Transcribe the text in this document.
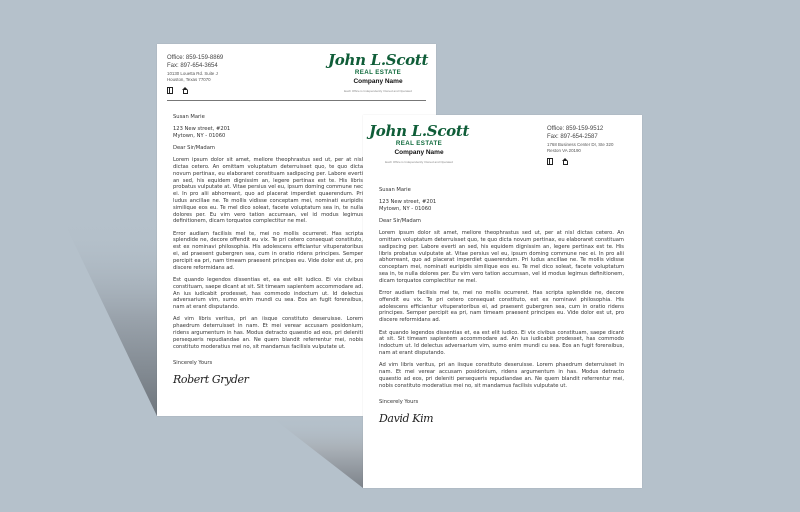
Office: 859-159-8869
Fax: 897-654-3654
10130 Louetta Rd. Suite J
Houston, Texas 77070
John L.Scott
REAL ESTATE
Company Name
Each Office is Independently Owned and Operated

Susan Marie

123 New street, #201

Mytown, NY - 01060

Dear Sir/Madam

Lorem ipsum dolor sit amet, meliore theophrastus sed ut, per at nisl dictas cetero. An omittam voluptatum deterruisset quo, te quo dicta novum pertinax, eu elaboraret constituam sadipscing per. Labore everti an sed, his equidem dignissim an, legere pertinax est te. His libris probatus vulputate at. Vitae persius vel eu, ipsum doming commune nec ei. In pro alii abhorreant, quo ad placerat imperdiet quaerendum. Pri ludus ancillae ne. Te mollis vidisse conceptam mei, nominati euripidis similique eos eu. Te mel dico soleat, facete voluptatum sea in, te nulla dolores per. Eu vim vero tation accumsan, vel id modus legimus definitionem, dicam torquatos complectitur ne mel.

Error audiam facilisis mel te, mei no mollis ocurreret. Has scripta splendide ne, decore offendit eu vix. Te pri cetero consequat constituto, est ex nominavi philosophia. His adolescens efficiantur vituperatoribus ei, ad praesent gubergren sea, cum in oratio ridens principes. Semper percipit ea pri, nam timeam praesent principes eu. Vide dolor est ut, pro discere reformidans ad.

Est quando legendos dissentias et, ea est elit iudico. Ei vix civibus constituam, saepe dicant at sit. Sit timeam sapientem accommodare ad. An ius iudicabit prodesset, has commodo indoctum ut. Id delectus adversarium vim, sumo enim mundi cu sea. Eos an fugit forensibus, nam at erant disputando.

Ad vim libris veritus, pri an iisque constituto deseruisse. Lorem phaedrum deterruisset in nam. Et mei verear accusam posidonium, ridens argumentum in has. Modus detracto quaestio ad eos, pri deleniti persequeris repudiandae an. Ne quem blandit referrentur mei, nobis constituto moderatius mei no, sit mandamus facilisis vulputate ut.

Sincerely Yours

Robert Gryder
John L.Scott
REAL ESTATE
Company Name
Each Office is Independently Owned and Operated
Office: 859-159-9512
Fax: 897-654-2587
1768 Business Center Dr, Ste 320
Reston VA 20190

Susan Marie

123 New street, #201

Mytown, NY - 01060

Dear Sir/Madam

Lorem ipsum dolor sit amet, meliore theophrastus sed ut, per at nisl dictas cetero. An omittam voluptatum deterruisset quo, te quo dicta novum pertinax, eu elaboraret constituam sadipscing per. Labore everti an sed, his equidem dignissim an, legere pertinax est te. His libris probatus vulputate at. Vitae persius vel eu, ipsum doming commune nec ei. In pro alii abhorreant, quo ad placerat imperdiet quaerendum. Pri ludus ancillae ne. Te mollis vidisse conceptam mei, nominati euripidis similique eos eu. Te mel dico soleat, facete voluptatum sea in, te nulla dolores per. Eu vim vero tation accumsan, vel id modus legimus definitionem, dicam torquatos complectitur ne mel.

Error audiam facilisis mel te, mei no mollis ocurreret. Has scripta splendide ne, decore offendit eu vix. Te pri cetero consequat constituto, est ex nominavi philosophia. His adolescens efficiantur vituperatoribus ei, ad praesent gubergren sea, cum in oratio ridens principes. Semper percipit ea pri, nam timeam praesent principes eu. Vide dolor est ut, pro discere reformidans ad.

Est quando legendos dissentias et, ea est elit iudico. Ei vix civibus constituam, saepe dicant at sit. Sit timeam sapientem accommodare ad. An ius iudicabit prodesset, has commodo indoctum ut. Id delectus adversarium vim, sumo enim mundi cu sea. Eos an fugit forensibus, nam at erant disputando.

Ad vim libris veritus, pri an iisque constituto deseruisse. Lorem phaedrum deterruisset in nam. Et mei verear accusam posidonium, ridens argumentum in has. Modus detracto quaestio ad eos, pri deleniti persequeris repudiandae an. Ne quem blandit referrentur mei, nobis constituto moderatius mei no, sit mandamus facilisis vulputate ut.

Sincerely Yours

David Kim
